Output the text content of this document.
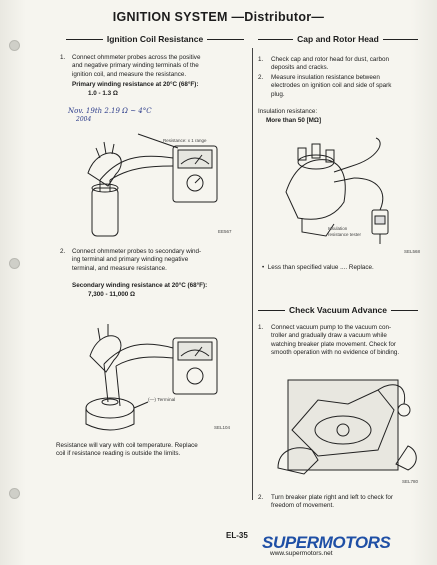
IGNITION SYSTEM —Distributor—
Ignition Coil Resistance
1. Connect ohmmeter probes across the positive
and negative primary winding terminals of the
ignition coil, and measure the resistance.
Primary winding resistance at 20°C (68°F):
1.0 - 1.3 Ω
Nov. 19th 2.19 Ω ~ 4°C
2004
Resistance: x 1 range
EE567
2. Connect ohmmeter probes to secondary wind-
ing terminal and primary winding negative
terminal, and measure resistance.
Secondary winding resistance at 20°C (68°F):
7,300 - 11,000 Ω
(—) Terminal
SEL104
Resistance will vary with coil temperature. Replace
coil if resistance reading is outside the limits.
Cap and Rotor Head
1. Check cap and rotor head for dust, carbon
deposits and cracks.
2. Measure insulation resistance between
electrodes on ignition coil and side of spark
plug.
Insulation resistance:
More than 50 [MΩ]
Insulation resistance tester
SEL568
•  Less than specified value .... Replace.
Check Vacuum Advance
1. Connect vacuum pump to the vacuum con-
troller and gradually draw a vacuum while
watching breaker plate movement. Check for
smooth operation with no evidence of binding.
SEL780
2. Turn breaker plate right and left to check for
freedom of movement.
EL-35 SUPERMOTORS
www.supermotors.net
